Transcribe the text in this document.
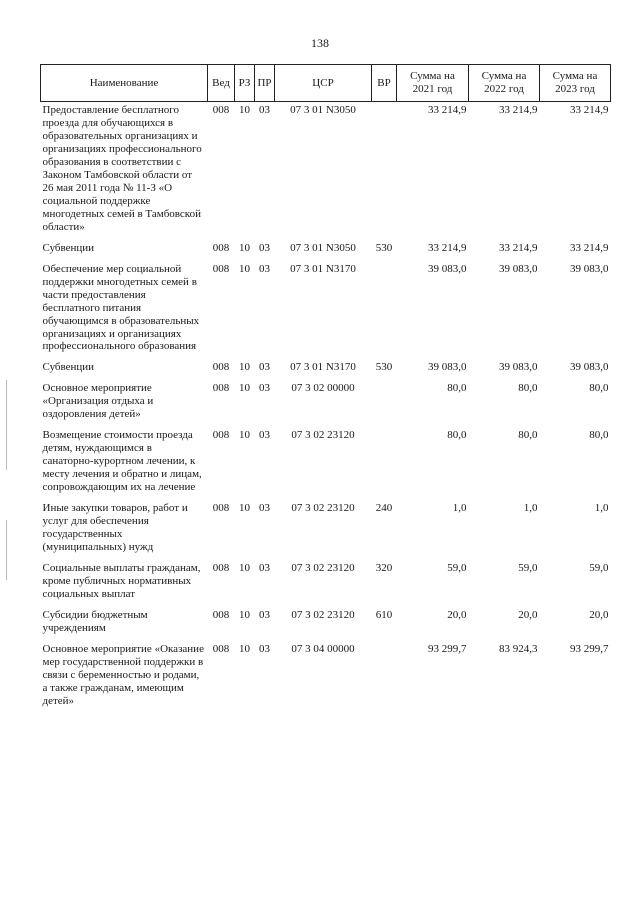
138
Наименование	Вед	РЗ	ПР	ЦСР	ВР	Сумма на 2021 год	Сумма на 2022 год	Сумма на 2023 год
Предоставление бесплатного проезда для обучающихся в образовательных организациях и организациях профессионального образования в соответствии с Законом Тамбовской области от 26 мая 2011 года № 11-З «О социальной поддержке многодетных семей в Тамбовской области»	008	10	03	07 3 01 N3050		33 214,9	33 214,9	33 214,9
Субвенции	008	10	03	07 3 01 N3050	530	33 214,9	33 214,9	33 214,9
Обеспечение мер социальной поддержки многодетных семей в части предоставления бесплатного питания обучающимся в образовательных организациях и организациях профессионального образования	008	10	03	07 3 01 N3170		39 083,0	39 083,0	39 083,0
Субвенции	008	10	03	07 3 01 N3170	530	39 083,0	39 083,0	39 083,0
Основное мероприятие «Организация отдыха и оздоровления детей»	008	10	03	07 3 02 00000		80,0	80,0	80,0
Возмещение стоимости проезда детям, нуждающимся в санаторно-курортном лечении, к месту лечения и обратно и лицам, сопровождающим их на лечение	008	10	03	07 3 02 23120		80,0	80,0	80,0
Иные закупки товаров, работ и услуг для обеспечения государственных (муниципальных) нужд	008	10	03	07 3 02 23120	240	1,0	1,0	1,0
Социальные выплаты гражданам, кроме публичных нормативных социальных выплат	008	10	03	07 3 02 23120	320	59,0	59,0	59,0
Субсидии бюджетным учреждениям	008	10	03	07 3 02 23120	610	20,0	20,0	20,0
Основное мероприятие «Оказание мер государственной поддержки в связи с беременностью и родами, а также гражданам, имеющим детей»	008	10	03	07 3 04 00000		93 299,7	83 924,3	93 299,7
